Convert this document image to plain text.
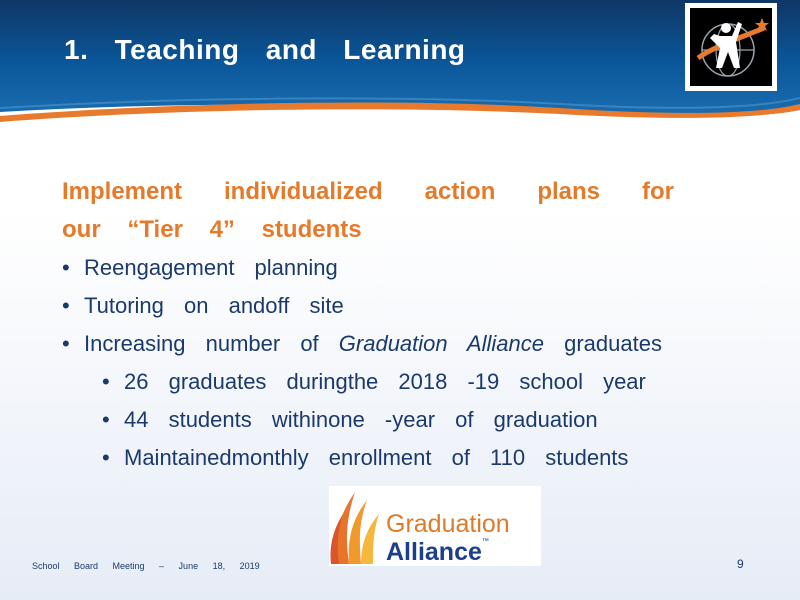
1. Teaching and Learning
Implement individualized action plans for our “Tier 4” students
• Reengagement planning
• Tutoring on andoff site
• Increasing number of Graduation Alliance graduates
• 26 graduates duringthe 2018 -19 school year
• 44 students withinone -year of graduation
• Maintainedmonthly enrollment of 110 students
Graduation
Alliance™
School Board Meeting – June 18, 2019	9
